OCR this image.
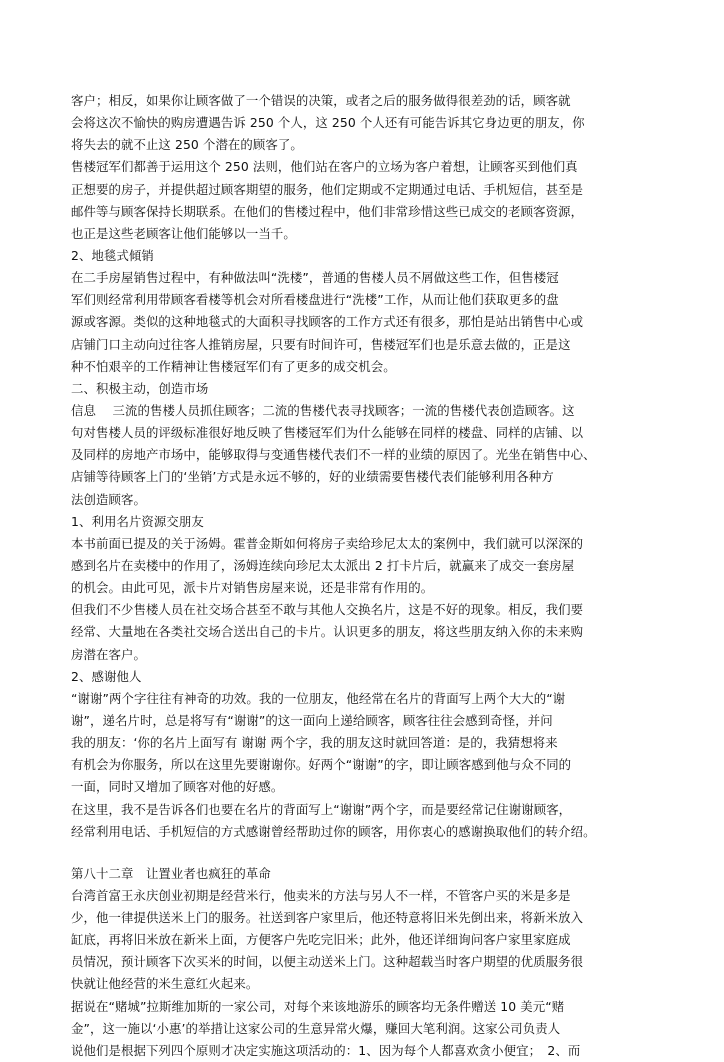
客户；相反，如果你让顾客做了一个错误的决策，或者之后的服务做得很差劲的话，顾客就
会将这次不愉快的购房遭遇告诉 250 个人，这 250 个人还有可能告诉其它身边更的朋友，你
将失去的就不止这 250 个潜在的顾客了。
售楼冠军们都善于运用这个 250 法则，他们站在客户的立场为客户着想，让顾客买到他们真
正想要的房子，并提供超过顾客期望的服务，他们定期或不定期通过电话、手机短信，甚至是
邮件等与顾客保持长期联系。在他们的售楼过程中，他们非常珍惜这些已成交的老顾客资源，
也正是这些老顾客让他们能够以一当千。
2、地毯式傾销
在二手房屋销售过程中，有种做法叫“洗楼”，普通的售楼人员不屑做这些工作，但售楼冠
军们则经常利用带顾客看楼等机会对所看楼盘进行“洗楼”工作，从而让他们获取更多的盘
源或客源。类似的这种地毯式的大面积寻找顾客的工作方式还有很多，那怕是站出销售中心或
店铺门口主动向过往客人推销房屋，只要有时间许可，售楼冠军们也是乐意去做的，正是这
种不怕艰辛的工作精神让售楼冠军们有了更多的成交机会。
二、积极主动，创造市场
信息　 三流的售楼人员抓住顾客；二流的售楼代表寻找顾客；一流的售楼代表创造顾客。这
句对售楼人员的评级标准很好地反映了售楼冠军们为什么能够在同样的楼盘、同样的店铺、以
及同样的房地产市场中，能够取得与变通售楼代表们不一样的业绩的原因了。光坐在销售中心、
店铺等待顾客上门的‘坐销’方式是永远不够的，好的业绩需要售楼代表们能够利用各种方
法创造顾客。
1、利用名片资源交朋友
本书前面已提及的关于汤姆。霍普金斯如何将房子卖给珍尼太太的案例中，我们就可以深深的
感到名片在卖楼中的作用了，汤姆连续向珍尼太太派出 2 打卡片后，就赢来了成交一套房屋
的机会。由此可见，派卡片对销售房屋来说，还是非常有作用的。
但我们不少售楼人员在社交场合甚至不敢与其他人交换名片，这是不好的现象。相反，我们要
经常、大量地在各类社交场合送出自己的卡片。认识更多的朋友，将这些朋友纳入你的未来购
房潜在客户。
2、感谢他人
“谢谢”两个字往往有神奇的功效。我的一位朋友，他经常在名片的背面写上两个大大的“谢
谢”，递名片时，总是将写有“谢谢”的这一面向上递给顾客，顾客往往会感到奇怪，并问
我的朋友：‘你的名片上面写有 谢谢 两个字，我的朋友这时就回答道：是的，我猜想将来
有机会为你服务，所以在这里先要谢谢你。好两个“谢谢”的字，即让顾客感到他与众不同的
一面，同时又增加了顾客对他的好感。
在这里，我不是告诉各们也要在名片的背面写上“谢谢”两个字，而是要经常记住谢谢顾客，
经常利用电话、手机短信的方式感谢曾经帮助过你的顾客，用你衷心的感谢换取他们的转介绍。
第八十二章　让置业者也疯狂的革命
台湾首富王永庆创业初期是经营米行，他卖米的方法与另人不一样，不管客户买的米是多是
少，他一律提供送米上门的服务。社送到客户家里后，他还特意将旧米先倒出来，将新米放入
缸底，再将旧米放在新米上面，方便客户先吃完旧米；此外，他还详细询问客户家里家庭成
员情况，预计顾客下次买米的时间，以便主动送米上门。这种超载当时客户期望的优质服务很
快就让他经营的米生意红火起来。
据说在“赌城”拉斯维加斯的一家公司，对每个来该地游乐的顾客均无条件赠送 10 美元“赌
金”，这一施以‘小惠’的举措让这家公司的生意异常火爆，赚回大笔利润。这家公司负责人
说他们是根据下列四个原则才决定实施这项活动的：1、因为每个人都喜欢贪小便宜；　2、而
